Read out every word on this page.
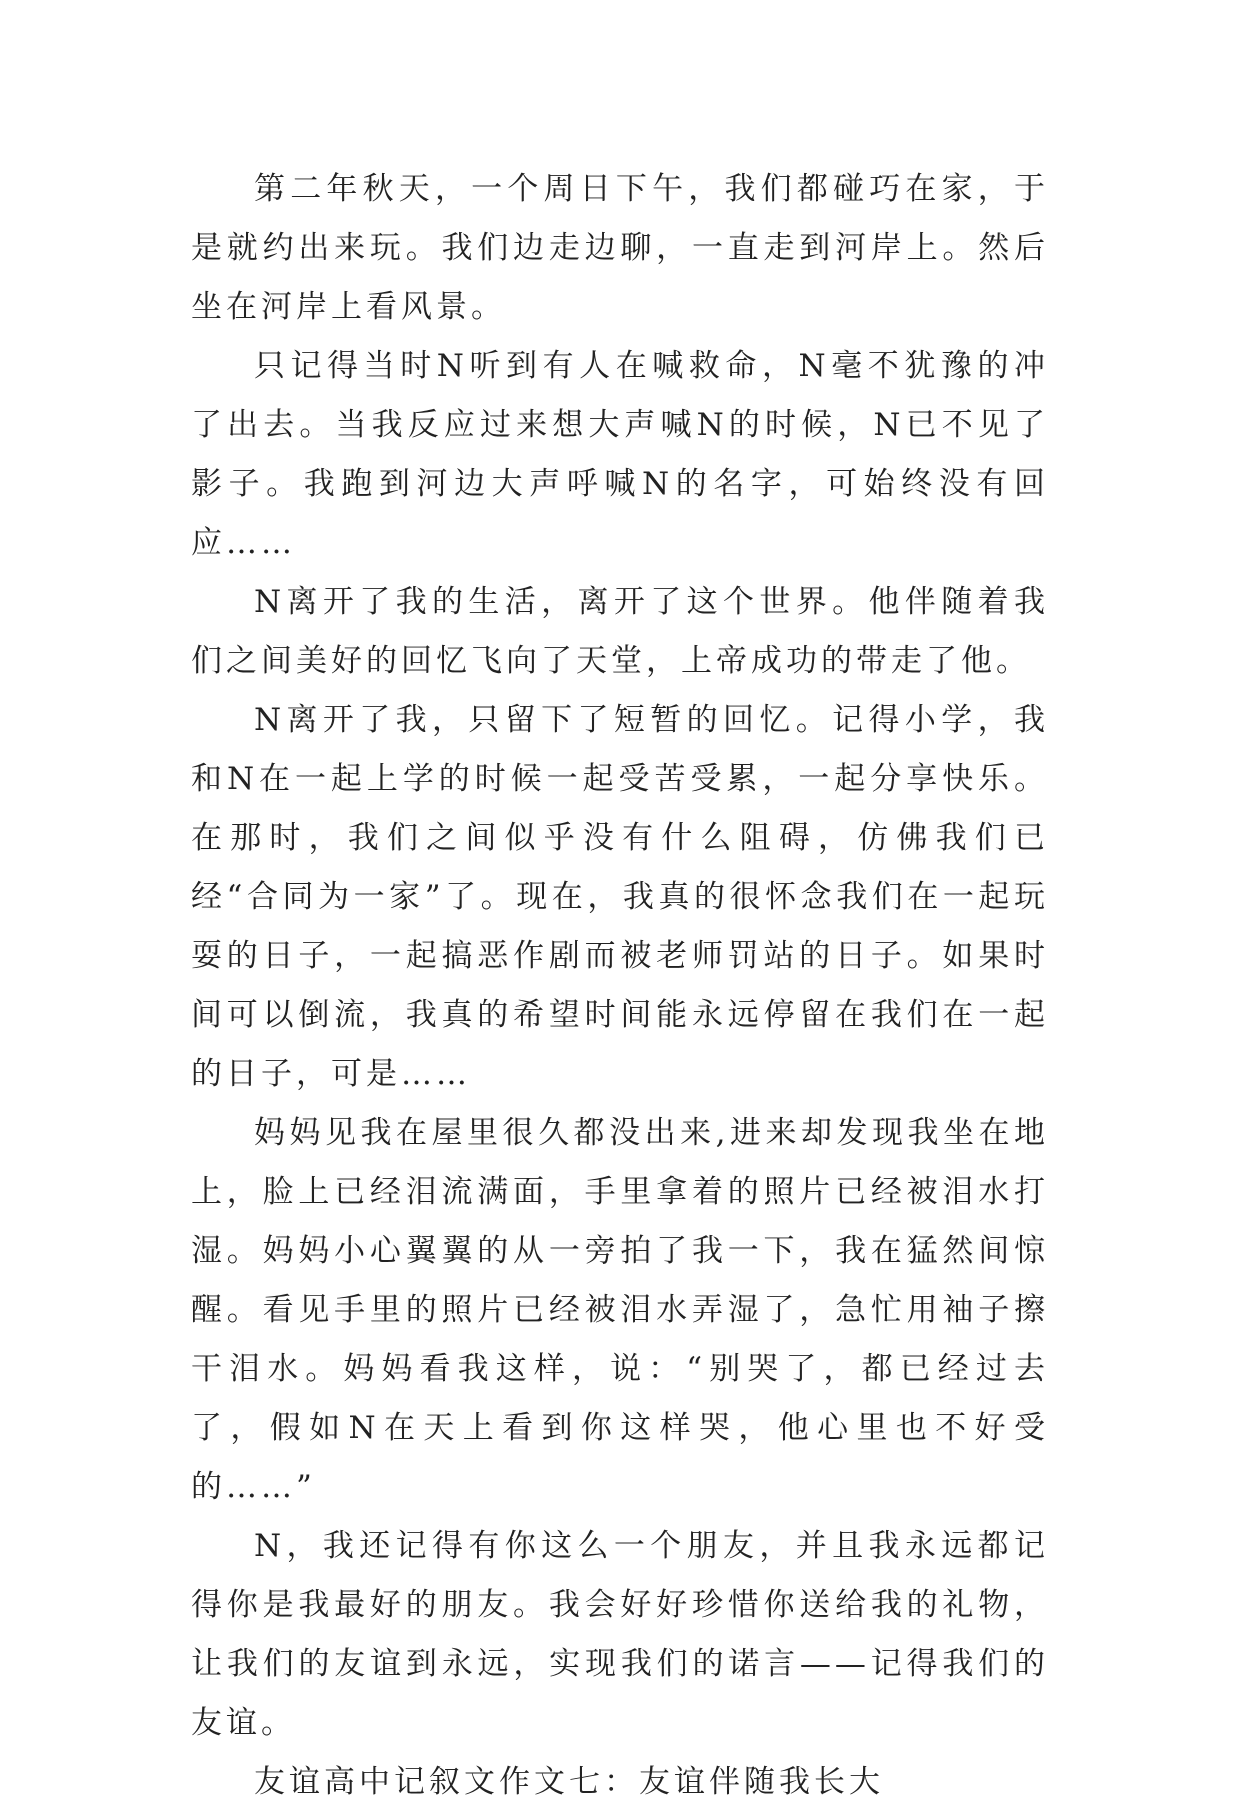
第二年秋天，一个周日下午，我们都碰巧在家，于是就约出来玩。我们边走边聊，一直走到河岸上。然后坐在河岸上看风景。

只记得当时N听到有人在喊救命，N毫不犹豫的冲了出去。当我反应过来想大声喊N的时候，N已不见了影子。我跑到河边大声呼喊N的名字，可始终没有回应……

N离开了我的生活，离开了这个世界。他伴随着我们之间美好的回忆飞向了天堂，上帝成功的带走了他。

N离开了我，只留下了短暂的回忆。记得小学，我和N在一起上学的时候一起受苦受累，一起分享快乐。在那时，我们之间似乎没有什么阻碍，仿佛我们已经“合同为一家”了。现在，我真的很怀念我们在一起玩耍的日子，一起搞恶作剧而被老师罚站的日子。如果时间可以倒流，我真的希望时间能永远停留在我们在一起的日子，可是……

妈妈见我在屋里很久都没出来,进来却发现我坐在地上，脸上已经泪流满面，手里拿着的照片已经被泪水打湿。妈妈小心翼翼的从一旁拍了我一下，我在猛然间惊醒。看见手里的照片已经被泪水弄湿了，急忙用袖子擦干泪水。妈妈看我这样，说：“别哭了，都已经过去了，假如N在天上看到你这样哭，他心里也不好受的……”

N，我还记得有你这么一个朋友，并且我永远都记得你是我最好的朋友。我会好好珍惜你送给我的礼物，让我们的友谊到永远，实现我们的诺言——记得我们的友谊。

友谊高中记叙文作文七：友谊伴随我长大
